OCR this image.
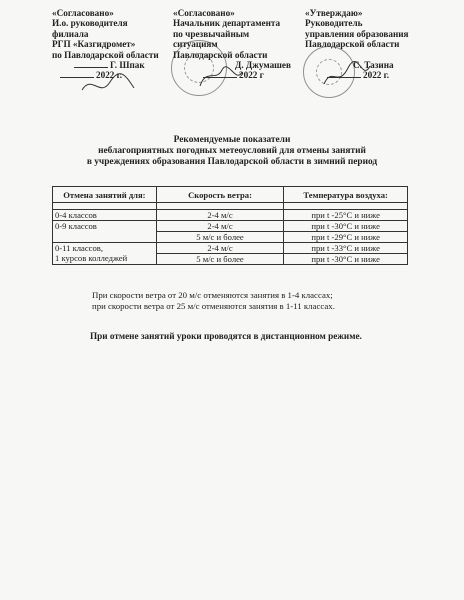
«Согласовано»
И.о. руководителя
филиала
РГП «Казгидромет»
по Павлодарской области
Г. Шпак
2022 г.
«Согласовано»
Начальник департамента
по чрезвычайным
ситуациям
Павлодарской области
Д. Джумашев
2022 г
«Утверждаю»
Руководитель
управления образования
Павлодарской области
С. Тазина
2022 г.
Рекомендуемые показатели
неблагоприятных погодных метеоусловий для отмены занятий
в учреждениях образования Павлодарской области в зимний период
Отмена занятий для:	Скорость ветра:	Температура воздуха:

0-4 классов	2-4 м/с	при t -25°С и ниже
0-9 классов	2-4 м/с	при t -30°С и ниже
	5 м/с и более	при t -29°С и ниже

0-11 классов,
1 курсов колледжей	2-4 м/с	при t -33°С и ниже
	5 м/с и более	при t -30°С и ниже
При скорости ветра от 20 м/с отменяются занятия в 1-4 классах;
при скорости ветра от 25 м/с отменяются занятия в 1-11 классах.
При отмене занятий уроки проводятся в дистанционном режиме.
